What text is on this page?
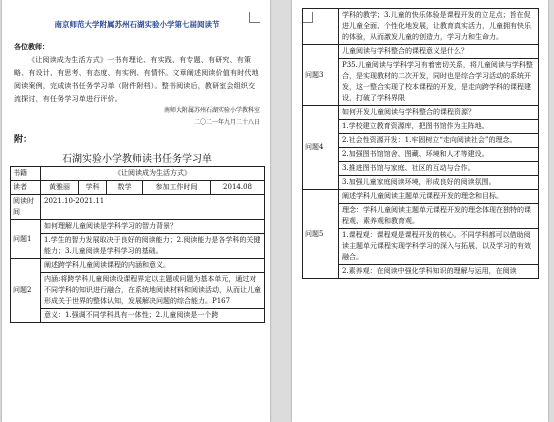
南京师范大学附属苏州石湖实验小学第七届阅读节
各位教师：
《让阅读成为生活方式》一书有理论、有实践、有专题、有研究、有策略、有设计、有思考、有态度、有实例、有情怀。文章阐述阅读价值有时代地阅读案例，完成读书任务学习单（附件附档）。整书阅读后，教研室会组织交流探讨，有任务学习单进行评价。
南师大附属苏州石湖实验小学教科室
二〇二一年九月二十八日
附：
石湖实验小学教师读书任务学习单
书籍	《让阅读成为生活方式》				
读者	黄雅丽	学科	数学	参加工作时间	2014.08
阅读时间	2021.10-2021.11				
问题1	如何理解儿童阅读是学科学习的智力背景？				
	1.学生的智力发展取决于良好的阅读能力；2.阅读能力是各学科的关键能力；3.儿童阅读是学科学习的基础。				
问题2	阐述跨学科儿童阅读课程的内涵和意义。				
	内涵:将跨学科儿童阅读设课程界定以主题或问题为基本单元，通过对不同学科的知识进行融合，在系统地阅读材料和阅读活动，从而让儿童形成关于世界的整体认知，发展解决问题的综合能力。P167				
	意义：1.强调不同学科具有一体性；2.儿童阅读是一个跨				
	学科的教学；3.儿童的快乐体验是课程开发的立足点；旨在促进儿童全面、个性化地发展，让教育真实活力，儿童拥有快乐的体验，从而激发儿童的创造力，学习力和生命力。
问题3	儿童阅读与学科整合的课程意义是什么？
	P35.儿童阅读与学科学习有着密切关系，将儿童阅读与学科整合，是实现教材的二次开发，同时也是综合学习活动的系统开发，这一整合实现了校本课程的开发，是走向跨学科的课程建设，打破了学科界限
问题4	如何开发儿童阅读与学科整合的课程资源？
	1.学校建立教育资源库，把图书馆作为主阵地。
	2.社会性资源开发：1.牢固树立“走向阅读社会”的理念。
	2.加强图书馆馆舍、图藏、环境和人才等建设。
	3.推进图书馆与家庭、社区的互动与合作。
	3.加强儿童家庭阅读环境，形成良好的阅读氛围。
问题5	阐述学科儿童阅读主题单元课程开发的理念和目标。
	理念：学科儿童阅读主题单元课程开发的理念体现在独特的课程观、素养观和教育观。
	1.课程观：课程观是课程开发的核心。不同学科都可以借助阅读主题单元课程实现学科学习的深入与拓展，以及学习的有效融合。
	2.素养观：在阅读中强化学科知识的理解与运用，在阅读
